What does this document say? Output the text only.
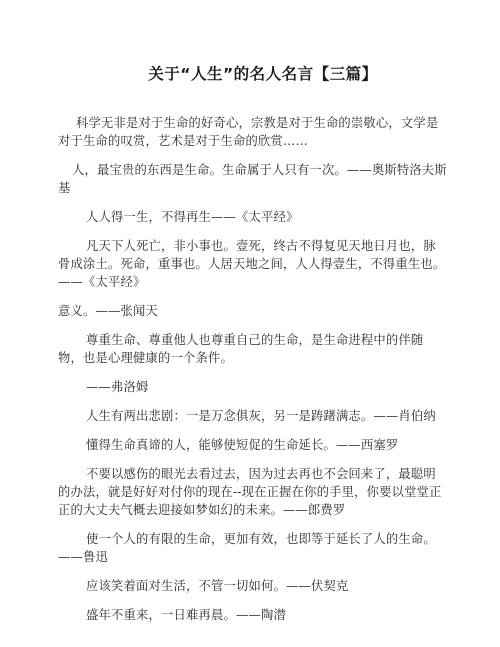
关于“人生”的名人名言【三篇】

科学无非是对于生命的好奇心，宗教是对于生命的崇敬心，文学是对于生命的叹赏，艺术是对于生命的欣赏……

人，最宝贵的东西是生命。生命属于人只有一次。——奥斯特洛夫斯基

人人得一生，不得再生——《太平经》

凡天下人死亡，非小事也。壹死，终古不得复见天地日月也，脉骨成涂土。死命，重事也。人居天地之间，人人得壹生，不得重生也。——《太平经》

意义。——张闻天

尊重生命、尊重他人也尊重自己的生命，是生命进程中的伴随物，也是心理健康的一个条件。

——弗洛姆

人生有两出悲剧：一是万念俱灰，另一是踌躇满志。——肖伯纳

懂得生命真谛的人，能够使短促的生命延长。——西塞罗

不要以感伤的眼光去看过去，因为过去再也不会回来了，最聪明的办法，就是好好对付你的现在--现在正握在你的手里，你要以堂堂正正的大丈夫气概去迎接如梦如幻的未来。——郎费罗

使一个人的有限的生命，更加有效，也即等于延长了人的生命。——鲁迅

应该笑着面对生活，不管一切如何。——伏契克

盛年不重来，一日难再晨。——陶潜
